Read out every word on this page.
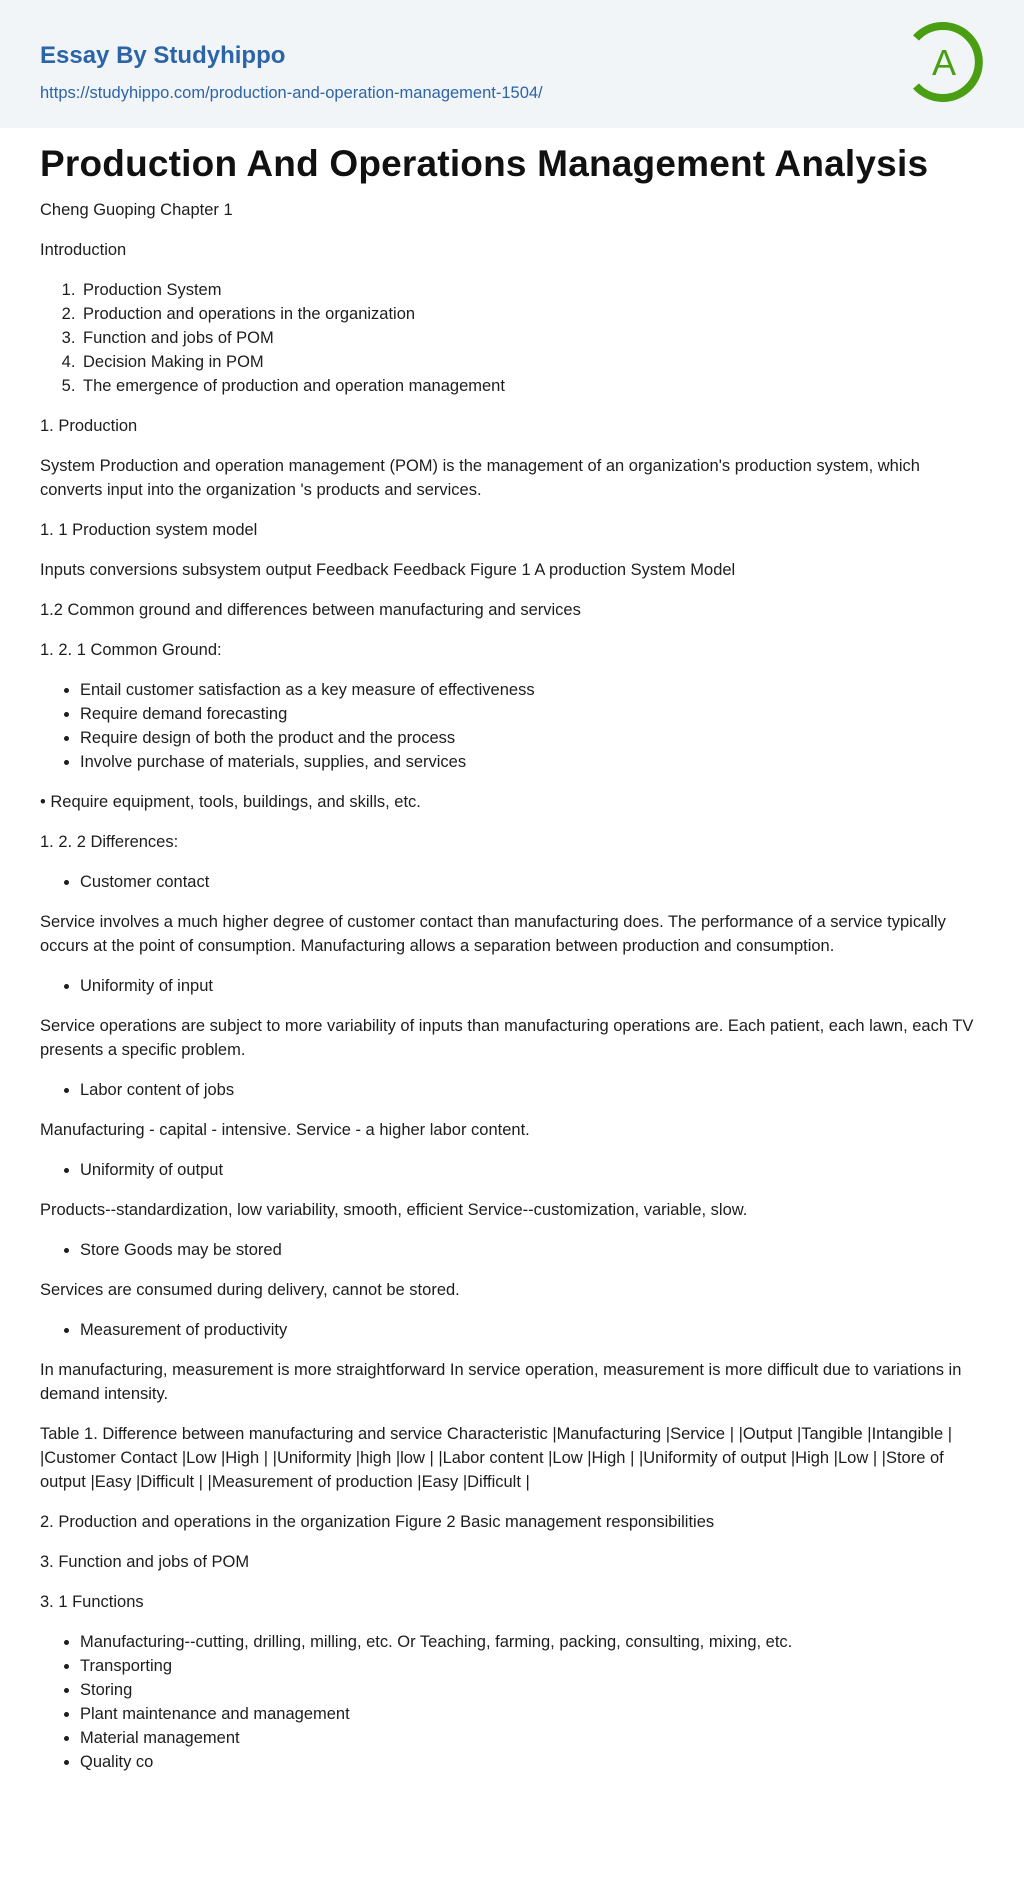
Essay By Studyhippo
https://studyhippo.com/production-and-operation-management-1504/
A
Production And Operations Management Analysis

Cheng Guoping Chapter 1

Introduction

1. Production System
2. Production and operations in the organization
3. Function and jobs of POM
4. Decision Making in POM
5. The emergence of production and operation management

1. Production

System Production and operation management (POM) is the management of an organization's production system, which converts input into the organization 's products and services.

1. 1 Production system model

Inputs conversions subsystem output Feedback Feedback Figure 1 A production System Model

1.2 Common ground and differences between manufacturing and services

1. 2. 1 Common Ground:

• Entail customer satisfaction as a key measure of effectiveness
• Require demand forecasting
• Require design of both the product and the process
• Involve purchase of materials, supplies, and services

• Require equipment, tools, buildings, and skills, etc.

1. 2. 2 Differences:

• Customer contact

Service involves a much higher degree of customer contact than manufacturing does. The performance of a service typically occurs at the point of consumption. Manufacturing allows a separation between production and consumption.

• Uniformity of input

Service operations are subject to more variability of inputs than manufacturing operations are. Each patient, each lawn, each TV presents a specific problem.

• Labor content of jobs

Manufacturing - capital - intensive. Service - a higher labor content.

• Uniformity of output

Products--standardization, low variability, smooth, efficient Service--customization, variable, slow.

• Store Goods may be stored

Services are consumed during delivery, cannot be stored.

• Measurement of productivity

In manufacturing, measurement is more straightforward In service operation, measurement is more difficult due to variations in demand intensity.

Table 1. Difference between manufacturing and service Characteristic |Manufacturing |Service | |Output |Tangible |Intangible | |Customer Contact |Low |High | |Uniformity |high |low | |Labor content |Low |High | |Uniformity of output |High |Low | |Store of output |Easy |Difficult | |Measurement of production |Easy |Difficult |

2. Production and operations in the organization Figure 2 Basic management responsibilities

3. Function and jobs of POM

3. 1 Functions

• Manufacturing--cutting, drilling, milling, etc. Or Teaching, farming, packing, consulting, mixing, etc.
• Transporting
• Storing
• Plant maintenance and management
• Material management
• Quality co
